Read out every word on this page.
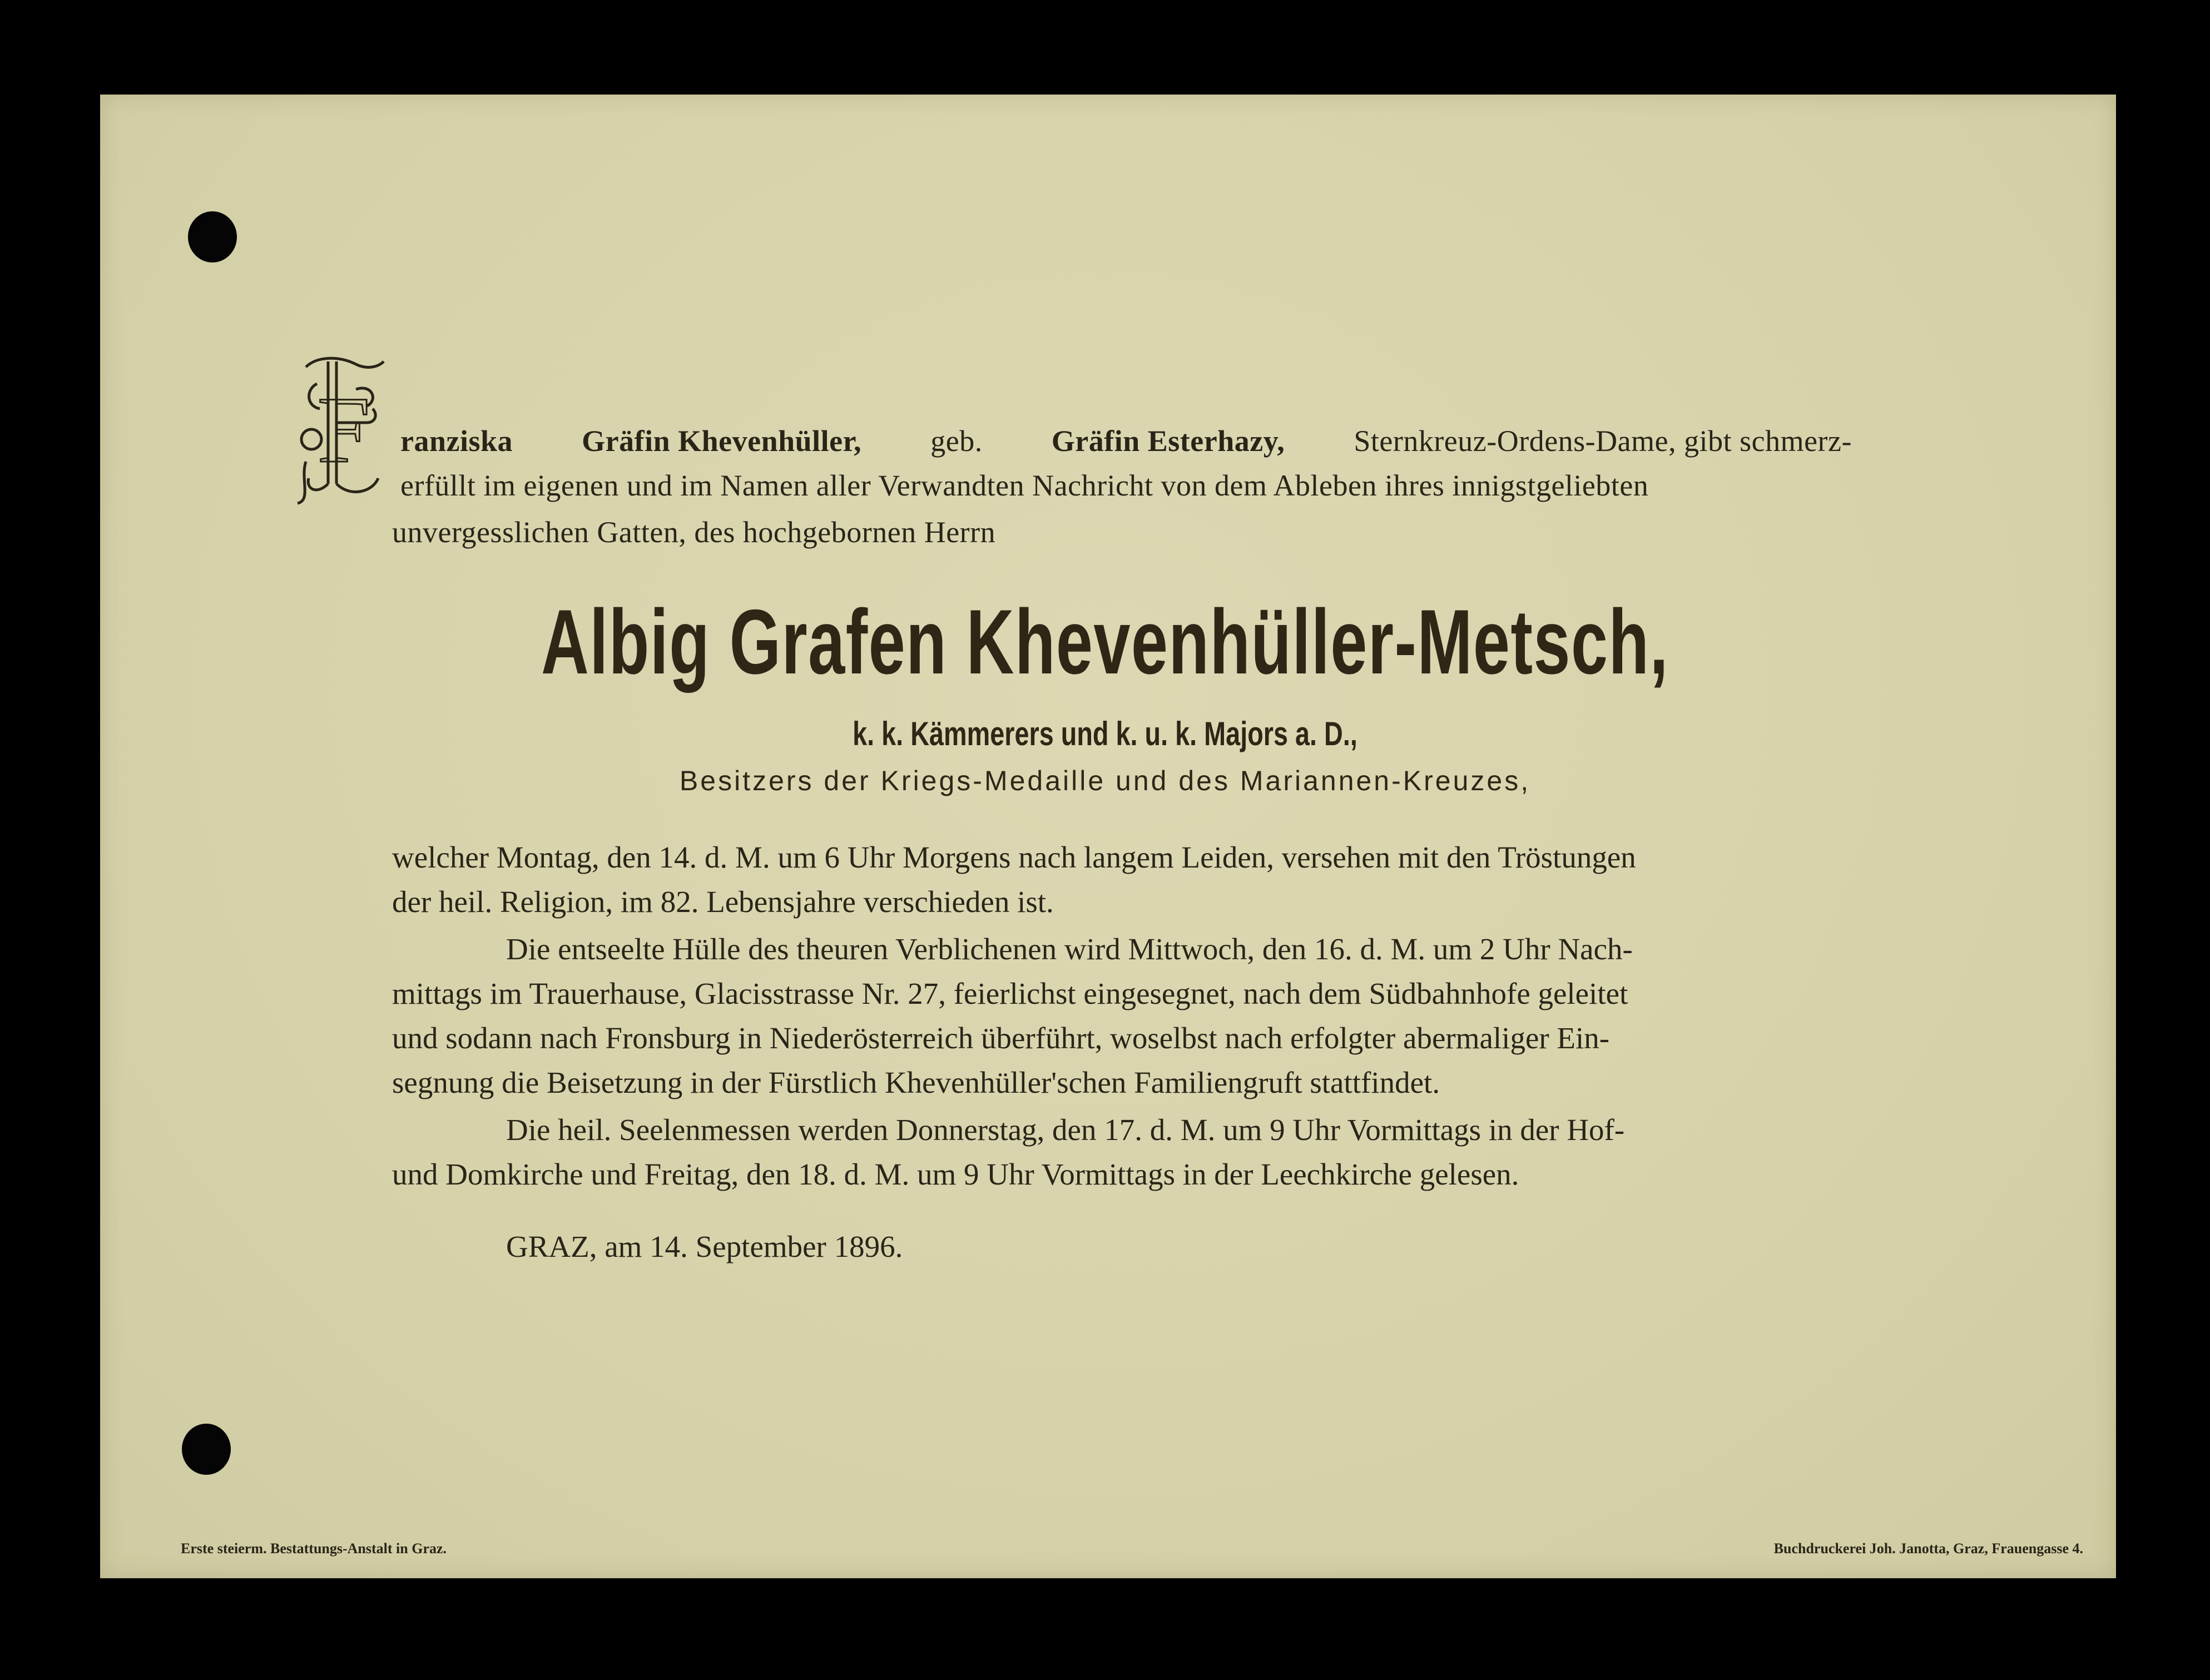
F ranziska Gräfin Khevenhüller, geb. Gräfin Esterhazy, Sternkreuz-Ordens-Dame, gibt schmerz-
erfüllt im eigenen und im Namen aller Verwandten Nachricht von dem Ableben ihres innigstgeliebten
unvergesslichen Gatten, des hochgebornen Herrn
Albig Grafen Khevenhüller-Metsch,
k. k. Kämmerers und k. u. k. Majors a. D.,
Besitzers der Kriegs-Medaille und des Mariannen-Kreuzes,
welcher Montag, den 14. d. M. um 6 Uhr Morgens nach langem Leiden, versehen mit den Tröstungen
der heil. Religion, im 82. Lebensjahre verschieden ist.
Die entseelte Hülle des theuren Verblichenen wird Mittwoch, den 16. d. M. um 2 Uhr Nach-
mittags im Trauerhause, Glacisstrasse Nr. 27, feierlichst eingesegnet, nach dem Südbahnhofe geleitet
und sodann nach Fronsburg in Niederösterreich überführt, woselbst nach erfolgter abermaliger Ein-
segnung die Beisetzung in der Fürstlich Khevenhüller'schen Familiengruft stattfindet.
Die heil. Seelenmessen werden Donnerstag, den 17. d. M. um 9 Uhr Vormittags in der Hof-
und Domkirche und Freitag, den 18. d. M. um 9 Uhr Vormittags in der Leechkirche gelesen.
GRAZ, am 14. September 1896.
Erste steierm. Bestattungs-Anstalt in Graz.	Buchdruckerei Joh. Janotta, Graz, Frauengasse 4.
